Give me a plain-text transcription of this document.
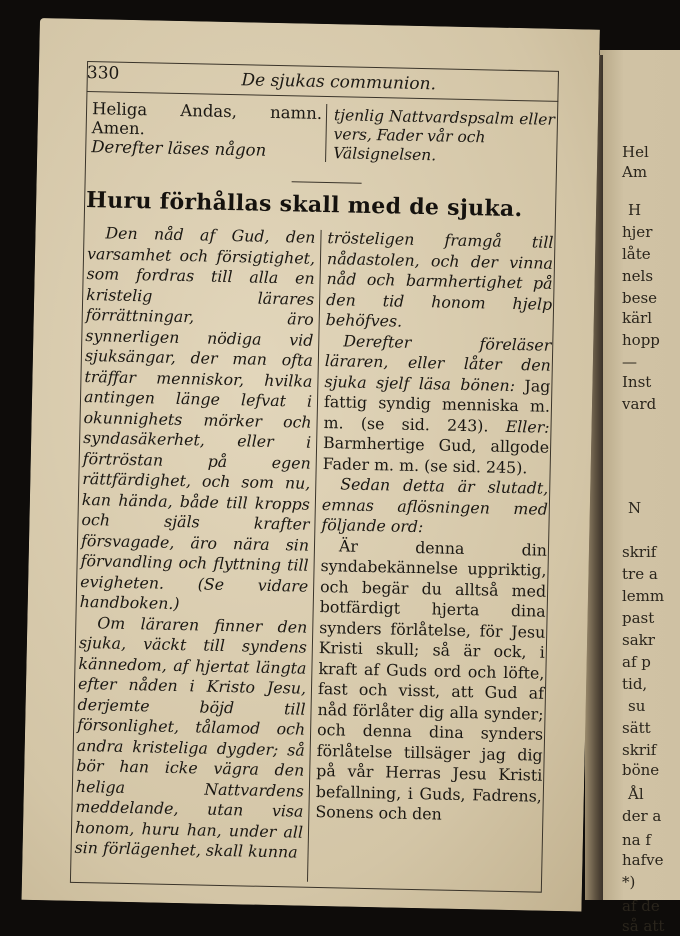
Hel
Am
H
hjer
låte
nels
bese
kärl
hopp
—
Inst
vard
N
skrif
tre a
lemm
past
sakr
af p
tid,
su
sätt
skrif
böne
Ål
der a
na f
hafve
*)
af de
så att
330	De sjukas communion.
Heliga Andas, namn. Amen.
Derefter läses någon
tjenlig Nattvardspsalm eller vers, Fader vår och Välsignelsen.
Huru förhållas skall med de sjuka.

Den nåd af Gud, den varsamhet och försigtighet, som fordras till alla en kristelig lärares förrättningar, äro synnerligen nödiga vid sjuksängar, der man ofta träffar menniskor, hvilka antingen länge lefvat i okunnighets mörker och syndasäkerhet, eller i förtröstan på egen rättfärdighet, och som nu, kan hända, både till kropps och själs krafter försvagade, äro nära sin förvandling och flyttning till evigheten. (Se vidare handboken.)

Om läraren finner den sjuka, väckt till syndens kännedom, af hjertat längta efter nåden i Kristo Jesu, derjemte böjd till försonlighet, tålamod och andra kristeliga dygder; så bör han icke vägra den heliga Nattvardens meddelande, utan visa honom, huru han, under all sin förlägenhet, skall kunna

trösteligen framgå till nådastolen, och der vinna nåd och barmhertighet på den tid honom hjelp behöfves.

Derefter föreläser läraren, eller låter den sjuka sjelf läsa bönen: Jag fattig syndig menniska m. m. (se sid. 243). Eller: Barmhertige Gud, allgode Fader m. m. (se sid. 245).

Sedan detta är slutadt, emnas aflösningen med följande ord:

Är denna din syndabekännelse uppriktig, och begär du alltså med botfärdigt hjerta dina synders förlåtelse, för Jesu Kristi skull; så är ock, i kraft af Guds ord och löfte, fast och visst, att Gud af nåd förlåter dig alla synder; och denna dina synders förlåtelse tillsäger jag dig på vår Herras Jesu Kristi befallning, i Guds, Fadrens, Sonens och den
